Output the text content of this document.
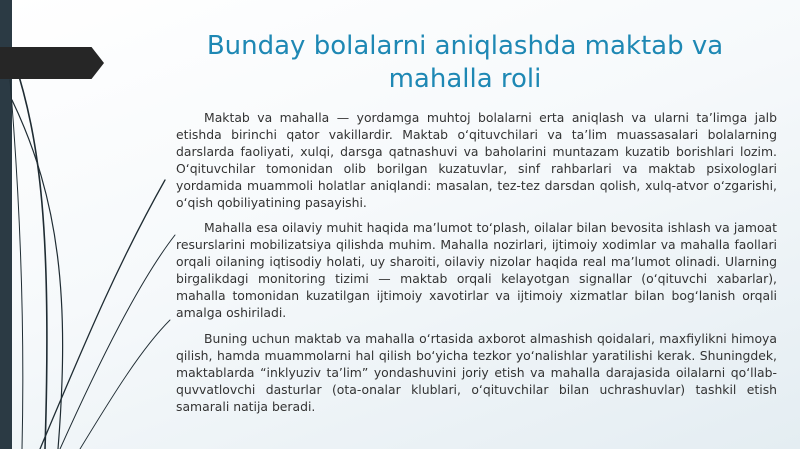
Bunday bolalarni aniqlashda maktab va mahalla roli

Maktab va mahalla — yordamga muhtoj bolalarni erta aniqlash va ularni ta’limga jalb etishda birinchi qator vakillardir. Maktab o‘qituvchilari va ta’lim muassasalari bolalarning darslarda faoliyati, xulqi, darsga qatnashuvi va baholarini muntazam kuzatib borishlari lozim. O‘qituvchilar tomonidan olib borilgan kuzatuvlar, sinf rahbarlari va maktab psixologlari yordamida muammoli holatlar aniqlandi: masalan, tez-tez darsdan qolish, xulq-atvor o‘zgarishi, o‘qish qobiliyatining pasayishi.

Mahalla esa oilaviy muhit haqida ma’lumot to‘plash, oilalar bilan bevosita ishlash va jamoat resurslarini mobilizatsiya qilishda muhim. Mahalla nozirlari, ijtimoiy xodimlar va mahalla faollari orqali oilaning iqtisodiy holati, uy sharoiti, oilaviy nizolar haqida real ma’lumot olinadi. Ularning birgalikdagi monitoring tizimi — maktab orqali kelayotgan signallar (o‘qituvchi xabarlar), mahalla tomonidan kuzatilgan ijtimoiy xavotirlar va ijtimoiy xizmatlar bilan bog‘lanish orqali amalga oshiriladi.

Buning uchun maktab va mahalla o‘rtasida axborot almashish qoidalari, maxfiylikni himoya qilish, hamda muammolarni hal qilish bo‘yicha tezkor yo‘nalishlar yaratilishi kerak. Shuningdek, maktablarda “inklyuziv ta’lim” yondashuvini joriy etish va mahalla darajasida oilalarni qo‘llab-quvvatlovchi dasturlar (ota-onalar klublari, o‘qituvchilar bilan uchrashuvlar) tashkil etish samarali natija beradi.
